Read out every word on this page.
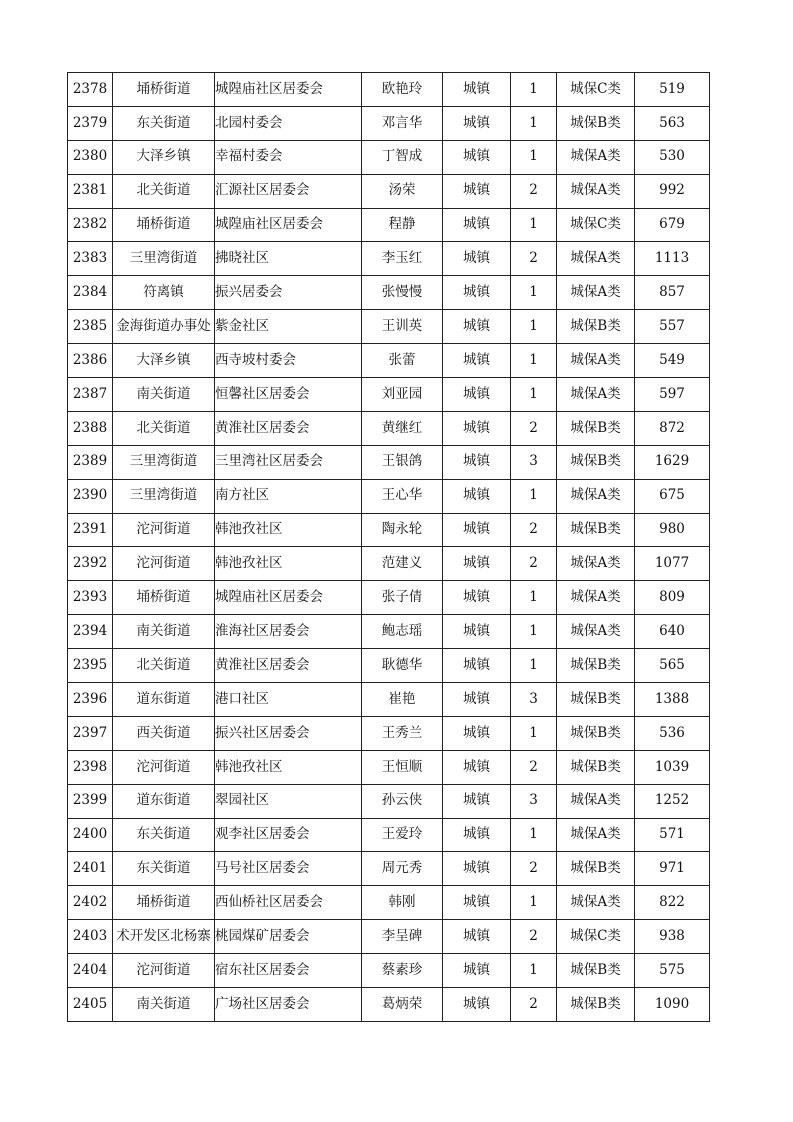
2378	埇桥街道	城隍庙社区居委会	欧艳玲	城镇	1	城保C类	519
2379	东关街道	北园村委会	邓言华	城镇	1	城保B类	563
2380	大泽乡镇	幸福村委会	丁智成	城镇	1	城保A类	530
2381	北关街道	汇源社区居委会	汤荣	城镇	2	城保A类	992
2382	埇桥街道	城隍庙社区居委会	程静	城镇	1	城保C类	679
2383	三里湾街道	拂晓社区	李玉红	城镇	2	城保A类	1113
2384	符离镇	振兴居委会	张慢慢	城镇	1	城保A类	857
2385	金海街道办事处	紫金社区	王训英	城镇	1	城保B类	557
2386	大泽乡镇	西寺坡村委会	张蕾	城镇	1	城保A类	549
2387	南关街道	恒馨社区居委会	刘亚园	城镇	1	城保A类	597
2388	北关街道	黄淮社区居委会	黄继红	城镇	2	城保B类	872
2389	三里湾街道	三里湾社区居委会	王银鸽	城镇	3	城保B类	1629
2390	三里湾街道	南方社区	王心华	城镇	1	城保A类	675
2391	沱河街道	韩池孜社区	陶永轮	城镇	2	城保B类	980
2392	沱河街道	韩池孜社区	范建义	城镇	2	城保A类	1077
2393	埇桥街道	城隍庙社区居委会	张子倩	城镇	1	城保A类	809
2394	南关街道	淮海社区居委会	鲍志瑶	城镇	1	城保A类	640
2395	北关街道	黄淮社区居委会	耿德华	城镇	1	城保B类	565
2396	道东街道	港口社区	崔艳	城镇	3	城保B类	1388
2397	西关街道	振兴社区居委会	王秀兰	城镇	1	城保B类	536
2398	沱河街道	韩池孜社区	王恒顺	城镇	2	城保B类	1039
2399	道东街道	翠园社区	孙云侠	城镇	3	城保A类	1252
2400	东关街道	观李社区居委会	王爱玲	城镇	1	城保A类	571
2401	东关街道	马号社区居委会	周元秀	城镇	2	城保B类	971
2402	埇桥街道	西仙桥社区居委会	韩刚	城镇	1	城保A类	822
2403	术开发区北杨寨	桃园煤矿居委会	李呈碑	城镇	2	城保C类	938
2404	沱河街道	宿东社区居委会	蔡素珍	城镇	1	城保B类	575
2405	南关街道	广场社区居委会	葛炳荣	城镇	2	城保B类	1090
